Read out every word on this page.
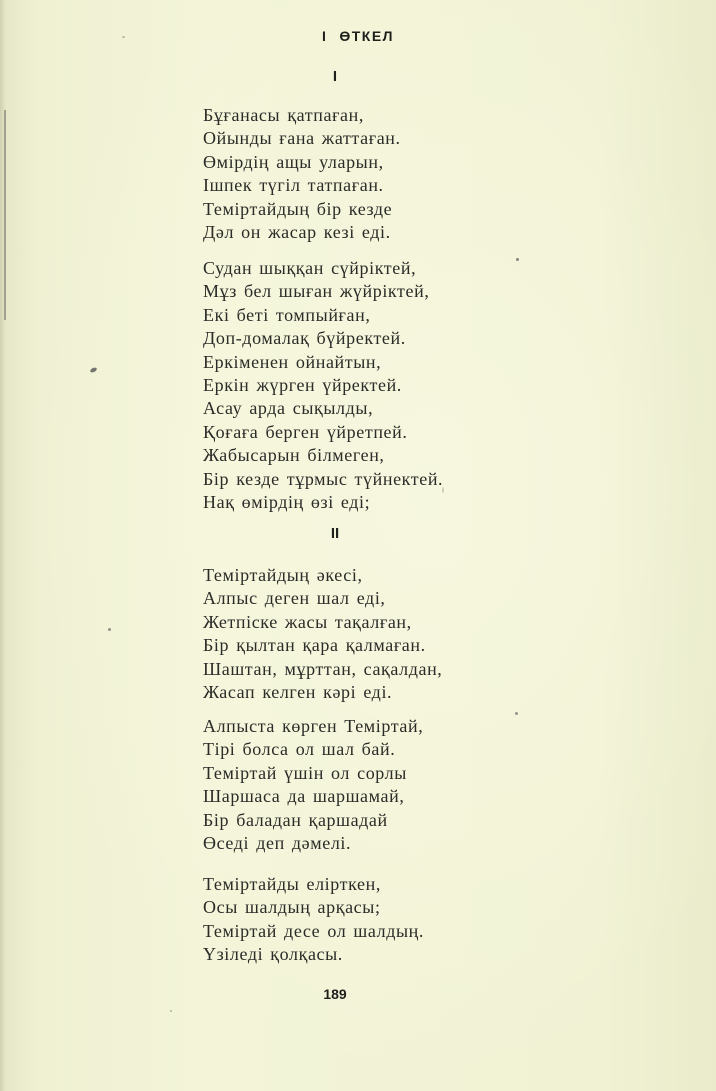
I ӨТКЕЛ
I
Бұғанасы қатпаған,
Ойынды ғана жаттаған.
Өмірдің ащы уларын,
Ішпек түгіл татпаған.
Теміртайдың бір кезде
Дәл он жасар кезі еді.
Судан шыққан сүйріктей,
Мұз бел шыған жүйріктей,
Екі беті томпыйған,
Доп-домалақ бүйректей.
Еркіменен ойнайтын,
Еркін жүрген үйректей.
Асау арда сықылды,
Қоғаға берген үйретпей.
Жабысарын білмеген,
Бір кезде тұрмыс түйнектей.
Нақ өмірдің өзі еді;
II
Теміртайдың әкесі,
Алпыс деген шал еді,
Жетпіске жасы тақалған,
Бір қылтан қара қалмаған.
Шаштан, мұрттан, сақалдан,
Жасап келген кәрі еді.
Алпыста көрген Теміртай,
Тірі болса ол шал бай.
Теміртай үшін ол сорлы
Шаршаса да шаршамай,
Бір баладан қаршадай
Өседі деп дәмелі.
Теміртайды елірткен,
Осы шалдың арқасы;
Теміртай десе ол шалдың.
Үзіледі қолқасы.
189
